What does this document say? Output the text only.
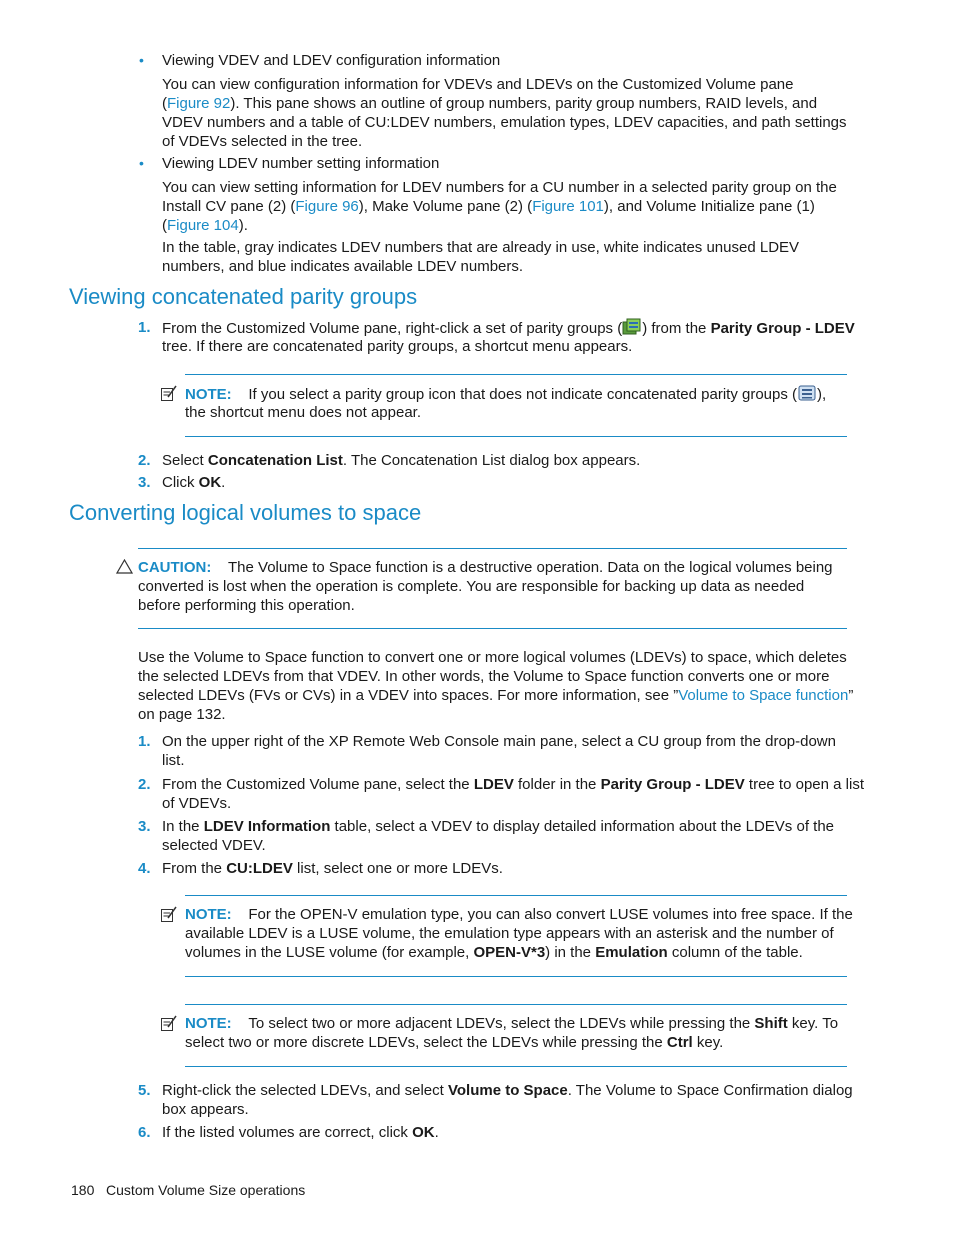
• Viewing VDEV and LDEV configuration information
You can view configuration information for VDEVs and LDEVs on the Customized Volume pane
(Figure 92). This pane shows an outline of group numbers, parity group numbers, RAID levels, and
VDEV numbers and a table of CU:LDEV numbers, emulation types, LDEV capacities, and path settings
of VDEVs selected in the tree.
• Viewing LDEV number setting information
You can view setting information for LDEV numbers for a CU number in a selected parity group on the
Install CV pane (2) (Figure 96), Make Volume pane (2) (Figure 101), and Volume Initialize pane (1)
(Figure 104).
In the table, gray indicates LDEV numbers that are already in use, white indicates unused LDEV
numbers, and blue indicates available LDEV numbers.
Viewing concatenated parity groups
1. From the Customized Volume pane, right-click a set of parity groups ( ) from the Parity Group - LDEV
tree. If there are concatenated parity groups, a shortcut menu appears.
NOTE: If you select a parity group icon that does not indicate concatenated parity groups ( ),
the shortcut menu does not appear.
2. Select Concatenation List. The Concatenation List dialog box appears.
3. Click OK.
Converting logical volumes to space
CAUTION: The Volume to Space function is a destructive operation. Data on the logical volumes being
converted is lost when the operation is complete. You are responsible for backing up data as needed
before performing this operation.
Use the Volume to Space function to convert one or more logical volumes (LDEVs) to space, which deletes
the selected LDEVs from that VDEV. In other words, the Volume to Space function converts one or more
selected LDEVs (FVs or CVs) in a VDEV into spaces. For more information, see ”Volume to Space function”
on page 132.
1. On the upper right of the XP Remote Web Console main pane, select a CU group from the drop-down
list.
2. From the Customized Volume pane, select the LDEV folder in the Parity Group - LDEV tree to open a list
of VDEVs.
3. In the LDEV Information table, select a VDEV to display detailed information about the LDEVs of the
selected VDEV.
4. From the CU:LDEV list, select one or more LDEVs.
NOTE: For the OPEN-V emulation type, you can also convert LUSE volumes into free space. If the
available LDEV is a LUSE volume, the emulation type appears with an asterisk and the number of
volumes in the LUSE volume (for example, OPEN-V*3) in the Emulation column of the table.
NOTE: To select two or more adjacent LDEVs, select the LDEVs while pressing the Shift key. To
select two or more discrete LDEVs, select the LDEVs while pressing the Ctrl key.
5. Right-click the selected LDEVs, and select Volume to Space. The Volume to Space Confirmation dialog
box appears.
6. If the listed volumes are correct, click OK.
180 Custom Volume Size operations
